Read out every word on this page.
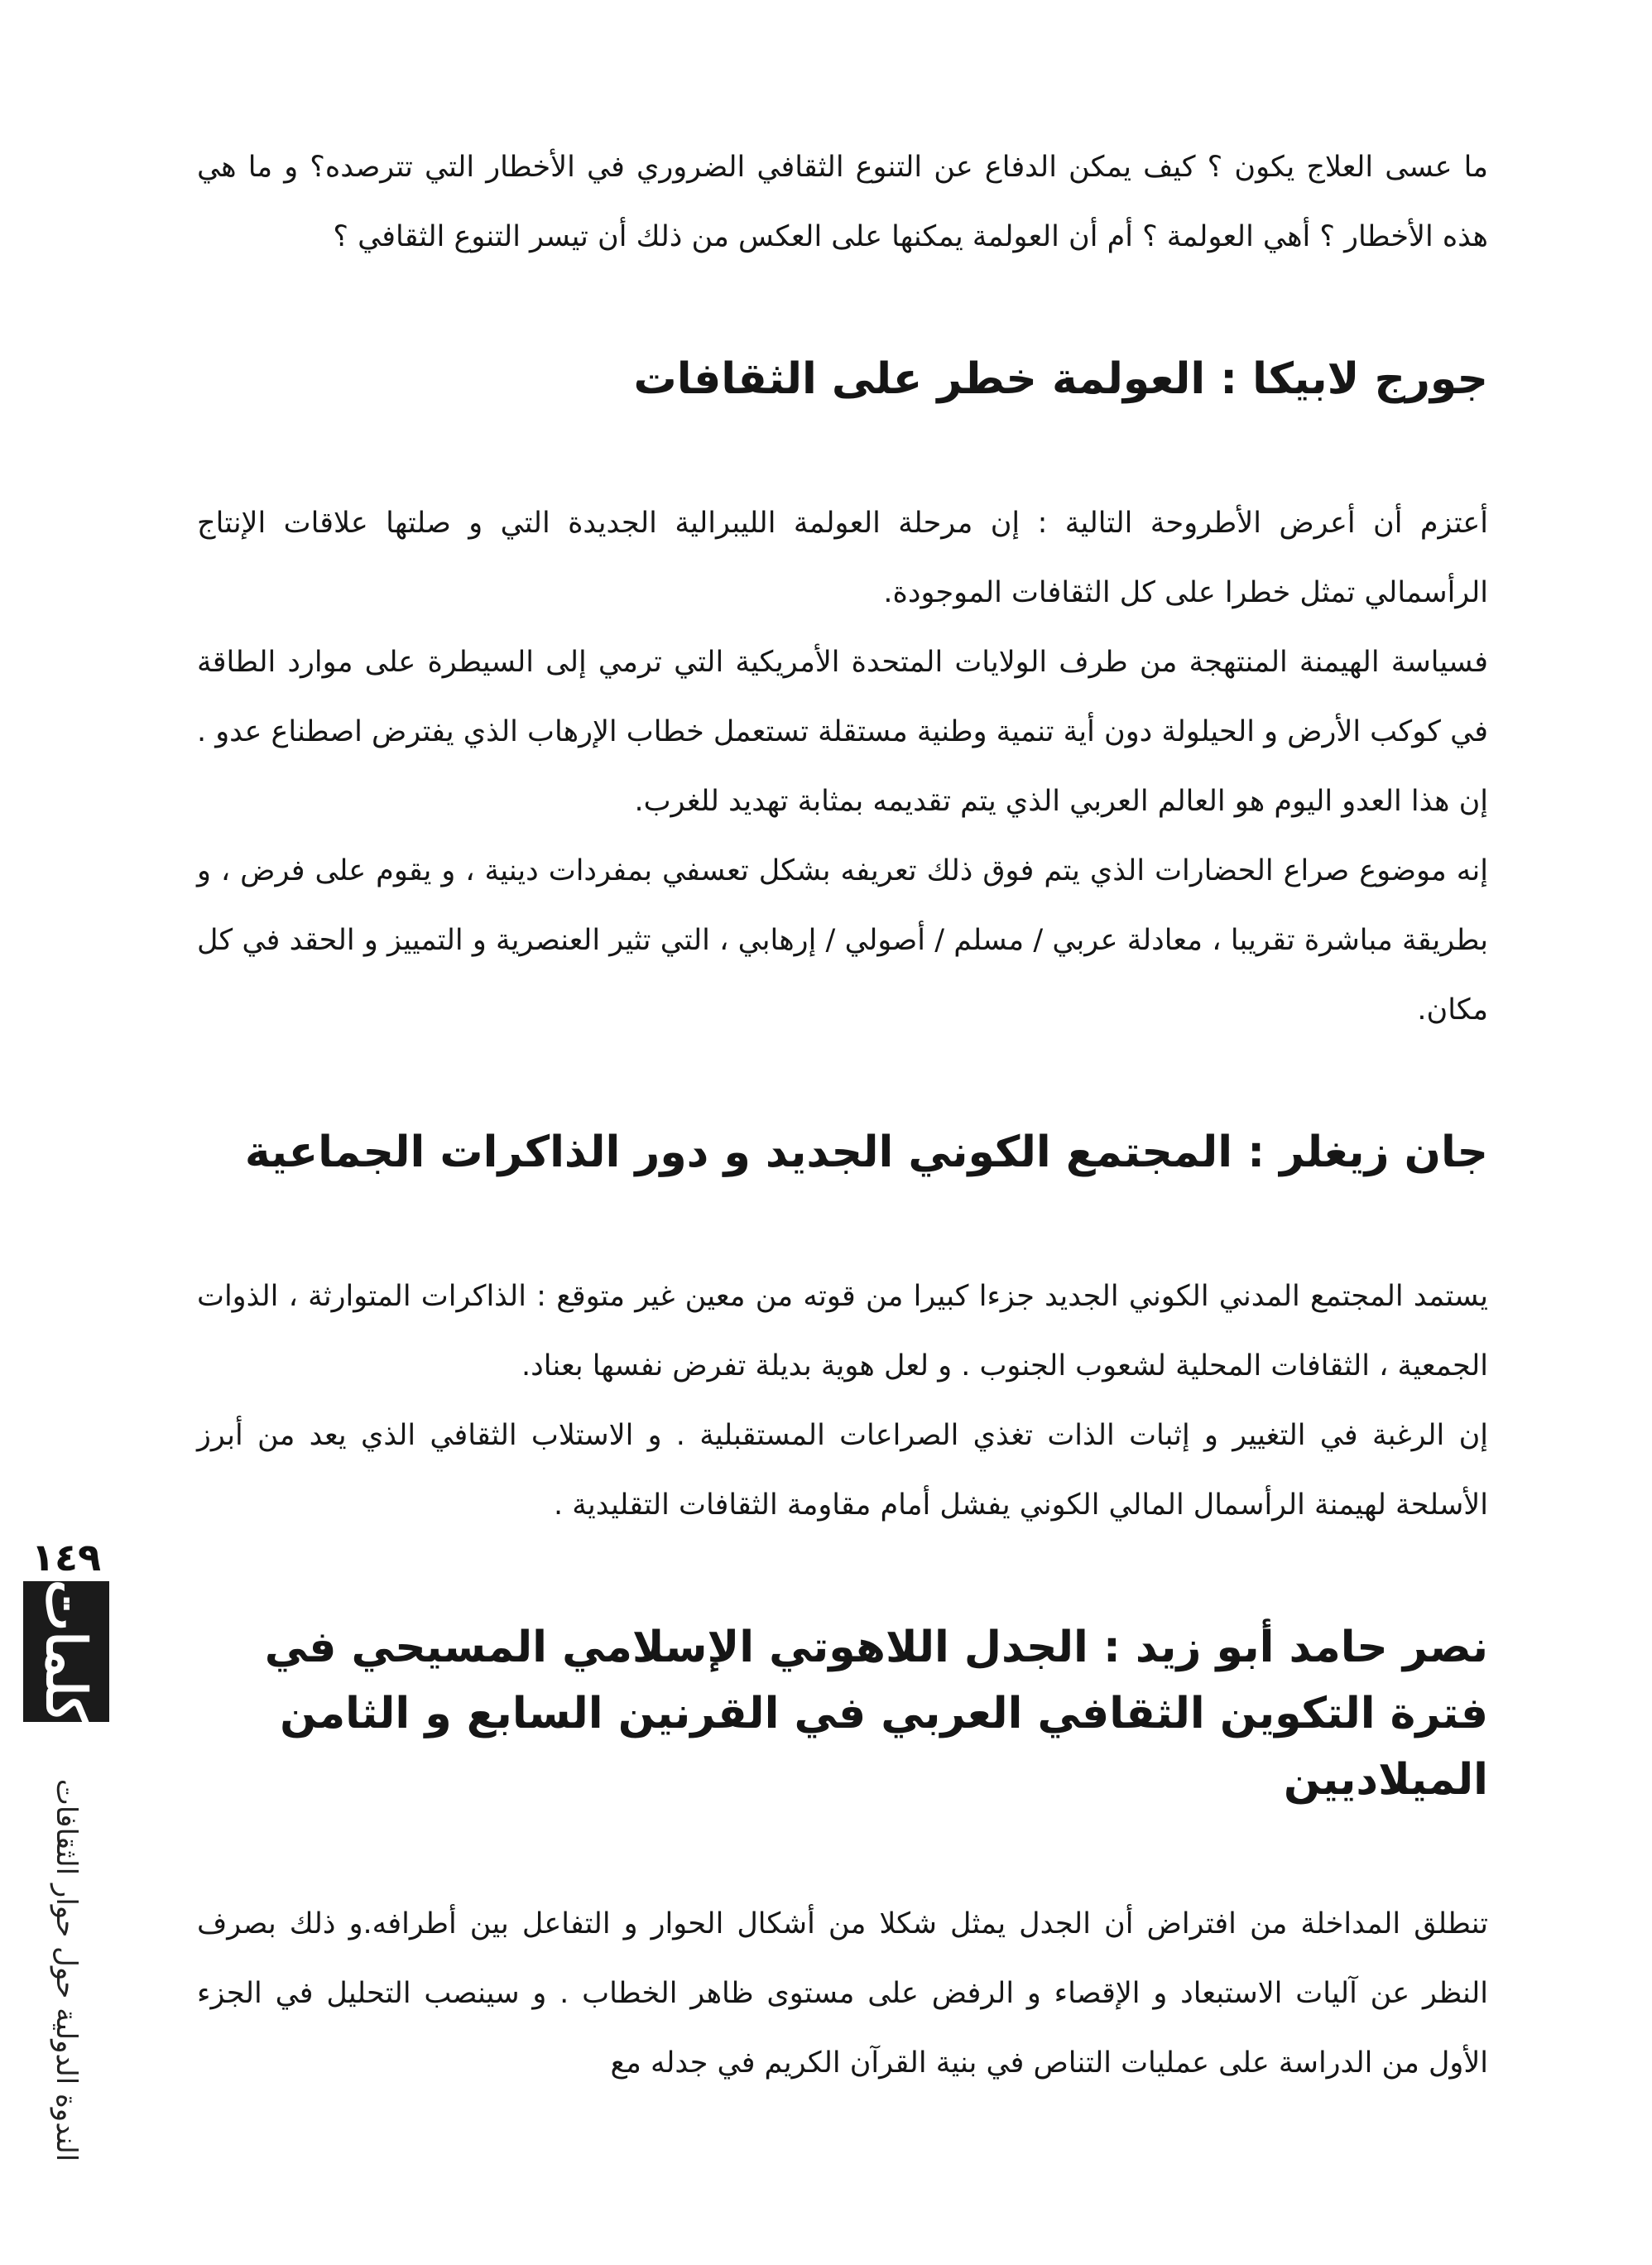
ما عسى العلاج يكون ؟ كيف يمكن الدفاع عن التنوع الثقافي الضروري في الأخطار التي تترصده؟ و ما هي هذه الأخطار ؟ أهي العولمة ؟ أم أن العولمة يمكنها على العكس من ذلك أن تيسر التنوع الثقافي ؟

جورج لابيكا : العولمة خطر على الثقافات

أعتزم أن أعرض الأطروحة التالية : إن مرحلة العولمة الليبرالية الجديدة التي و صلتها علاقات الإنتاج الرأسمالي تمثل خطرا على كل الثقافات الموجودة.

فسياسة الهيمنة المنتهجة من طرف الولايات المتحدة الأمريكية التي ترمي إلى السيطرة على موارد الطاقة في كوكب الأرض و الحيلولة دون أية تنمية وطنية مستقلة تستعمل خطاب الإرهاب الذي يفترض اصطناع عدو . إن هذا العدو اليوم هو العالم العربي الذي يتم تقديمه بمثابة تهديد للغرب.

إنه موضوع صراع الحضارات الذي يتم فوق ذلك تعريفه بشكل تعسفي بمفردات دينية ، و يقوم على فرض ، و بطريقة مباشرة تقريبا ، معادلة عربي / مسلم / أصولي / إرهابي ، التي تثير العنصرية و التمييز و الحقد في كل مكان.

جان زيغلر : المجتمع الكوني الجديد و دور الذاكرات الجماعية

يستمد المجتمع المدني الكوني الجديد جزءا كبيرا من قوته من معين غير متوقع : الذاكرات المتوارثة ، الذوات الجمعية ، الثقافات المحلية لشعوب الجنوب . و لعل هوية بديلة تفرض نفسها بعناد.

إن الرغبة في التغيير و إثبات الذات تغذي الصراعات المستقبلية . و الاستلاب الثقافي الذي يعد من أبرز الأسلحة لهيمنة الرأسمال المالي الكوني يفشل أمام مقاومة الثقافات التقليدية .

نصر حامد أبو زيد : الجدل اللاهوتي الإسلامي المسيحي في فترة التكوين الثقافي العربي في القرنين السابع و الثامن الميلاديين

تنطلق المداخلة من افتراض أن الجدل يمثل شكلا من أشكال الحوار و التفاعل بين أطرافه.و ذلك بصرف النظر عن آليات الاستبعاد و الإقصاء و الرفض على مستوى ظاهر الخطاب . و سينصب التحليل في الجزء الأول من الدراسة على عمليات التناص في بنية القرآن الكريم في جدله مع

١٤٩
كلمات
الندوة الدولية حول حوار الثقافات
